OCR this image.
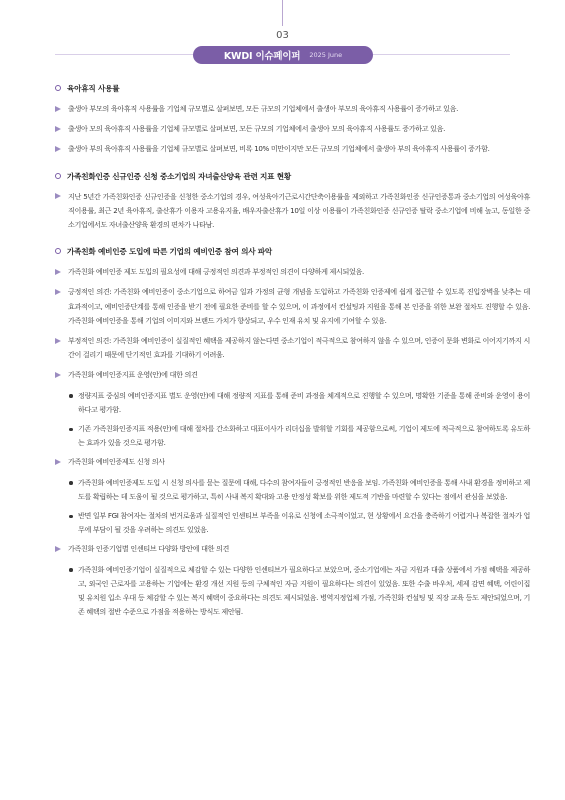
03
KWDI 이슈페이퍼 2025 June
육아휴직 사용률
출생아 부모의 육아휴직 사용률을 기업체 규모별로 살펴보면, 모든 규모의 기업체에서 출생아 부모의 육아휴직 사용률이 증가하고 있음.
출생아 모의 육아휴직 사용률을 기업체 규모별로 살펴보면, 모든 규모의 기업체에서 출생아 모의 육아휴직 사용률도 증가하고 있음.
출생아 부의 육아휴직 사용률을 기업체 규모별로 살펴보면, 비록 10% 미만이지만 모든 규모의 기업체에서 출생아 부의 육아휴직 사용률이 증가함.
가족친화인증 신규인증 신청 중소기업의 자녀출산양육 관련 지표 현황
지난 5년간 가족친화인증 신규인증을 신청한 중소기업의 경우, 여성육아기근로시간단축이용률을 제외하고 가족친화인증 신규인증통과 중소기업의 여성육아휴직이용률, 최근 2년 육아휴직, 출산휴가 이용자 고용유지율, 배우자출산휴가 10일 이상 이용률이 가족친화인증 신규인증 탈락 중소기업에 비해 높고, 동일한 중소기업에서도 자녀출산양육 환경의 편차가 나타남.
가족친화 예비인증 도입에 따른 기업의 예비인증 참여 의사 파악
가족친화 예비인증 제도 도입의 필요성에 대해 긍정적인 의견과 부정적인 의견이 다양하게 제시되었음.
긍정적인 의견: 가족친화 예비인증이 중소기업으로 하여금 일과 가정의 균형 개념을 도입하고 가족친화 인증제에 쉽게 접근할 수 있도록 진입장벽을 낮추는 데 효과적이고, 예비인증단계를 통해 인증을 받기 전에 필요한 준비를 할 수 있으며, 이 과정에서 컨설팅과 지원을 통해 본 인증을 위한 보완 절차도 진행할 수 있음. 가족친화 예비인증을 통해 기업의 이미지와 브랜드 가치가 향상되고, 우수 인재 유치 및 유지에 기여할 수 있음.
부정적인 의견: 가족친화 예비인증이 실질적인 혜택을 제공하지 않는다면 중소기업이 적극적으로 참여하지 않을 수 있으며, 인증이 문화 변화로 이어지기까지 시간이 걸리기 때문에 단기적인 효과를 기대하기 어려움.
가족친화 예비인증지표 운영(안)에 대한 의견
정량지표 중심의 예비인증지표 별도 운영(안)에 대해 정량적 지표를 통해 준비 과정을 체계적으로 진행할 수 있으며, 명확한 기준을 통해 준비와 운영이 용이하다고 평가함.
기존 가족친화인증지표 적용(안)에 대해 절차를 간소화하고 대표이사가 리더십을 발휘할 기회를 제공함으로써, 기업이 제도에 적극적으로 참여하도록 유도하는 효과가 있을 것으로 평가함.
가족친화 예비인증제도 신청 의사
가족친화 예비인증제도 도입 시 신청 의사를 묻는 질문에 대해, 다수의 참여자들이 긍정적인 반응을 보임. 가족친화 예비인증을 통해 사내 환경을 정비하고 제도를 확립하는 데 도움이 될 것으로 평가하고, 특히 사내 복지 확대와 고용 안정성 확보를 위한 제도적 기반을 마련할 수 있다는 점에서 관심을 보였음.
반면 일부 FGI 참여자는 절차의 번거로움과 실질적인 인센티브 부족을 이유로 신청에 소극적이었고, 현 상황에서 요건을 충족하기 어렵거나 복잡한 절차가 업무에 부담이 될 것을 우려하는 의견도 있었음.
가족친화 인증기업별 인센티브 다양화 방안에 대한 의견
가족친화 예비인증기업이 실질적으로 체감할 수 있는 다양한 인센티브가 필요하다고 보았으며, 중소기업에는 자금 지원과 대출 상품에서 가점 혜택을 제공하고, 외국인 근로자를 고용하는 기업에는 환경 개선 지원 등의 구체적인 자금 지원이 필요하다는 의견이 있었음. 또한 수출 바우처, 세제 감면 혜택, 어린이집 및 유치원 입소 우대 등 체감할 수 있는 복지 혜택이 중요하다는 의견도 제시되었음. 병역지정업체 가점, 가족친화 컨설팅 및 직장 교육 등도 제안되었으며, 기존 혜택의 절반 수준으로 가점을 적용하는 방식도 제안됨.
